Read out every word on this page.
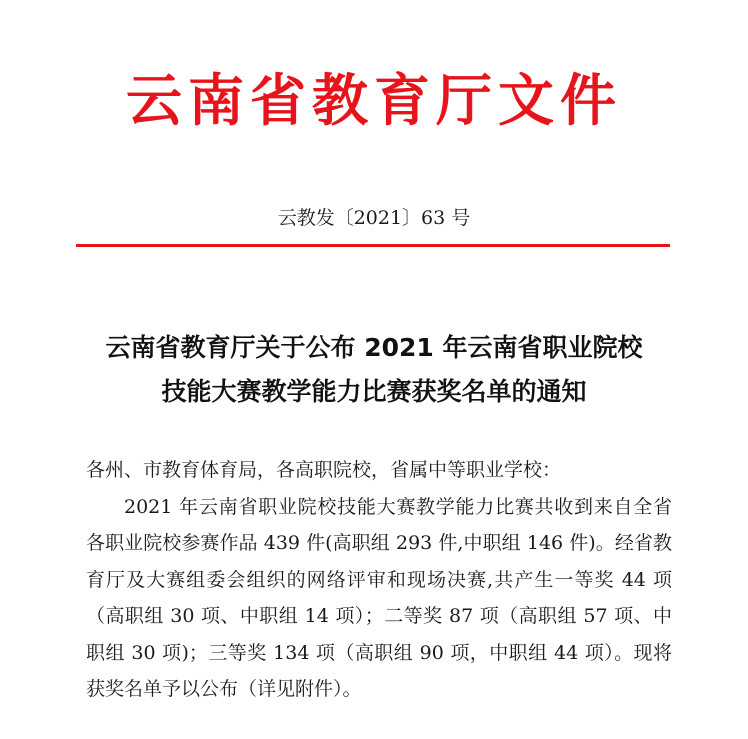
云南省教育厅文件
云教发〔2021〕63 号
云南省教育厅关于公布 2021 年云南省职业院校
技能大赛教学能力比赛获奖名单的通知

各州、市教育体育局，各高职院校，省属中等职业学校：

2021 年云南省职业院校技能大赛教学能力比赛共收到来自全省各职业院校参赛作品 439 件(高职组 293 件,中职组 146 件)。经省教育厅及大赛组委会组织的网络评审和现场决赛,共产生一等奖 44 项（高职组 30 项、中职组 14 项）；二等奖 87 项（高职组 57 项、中职组 30 项)；三等奖 134 项（高职组 90 项，中职组 44 项）。现将获奖名单予以公布（详见附件）。
